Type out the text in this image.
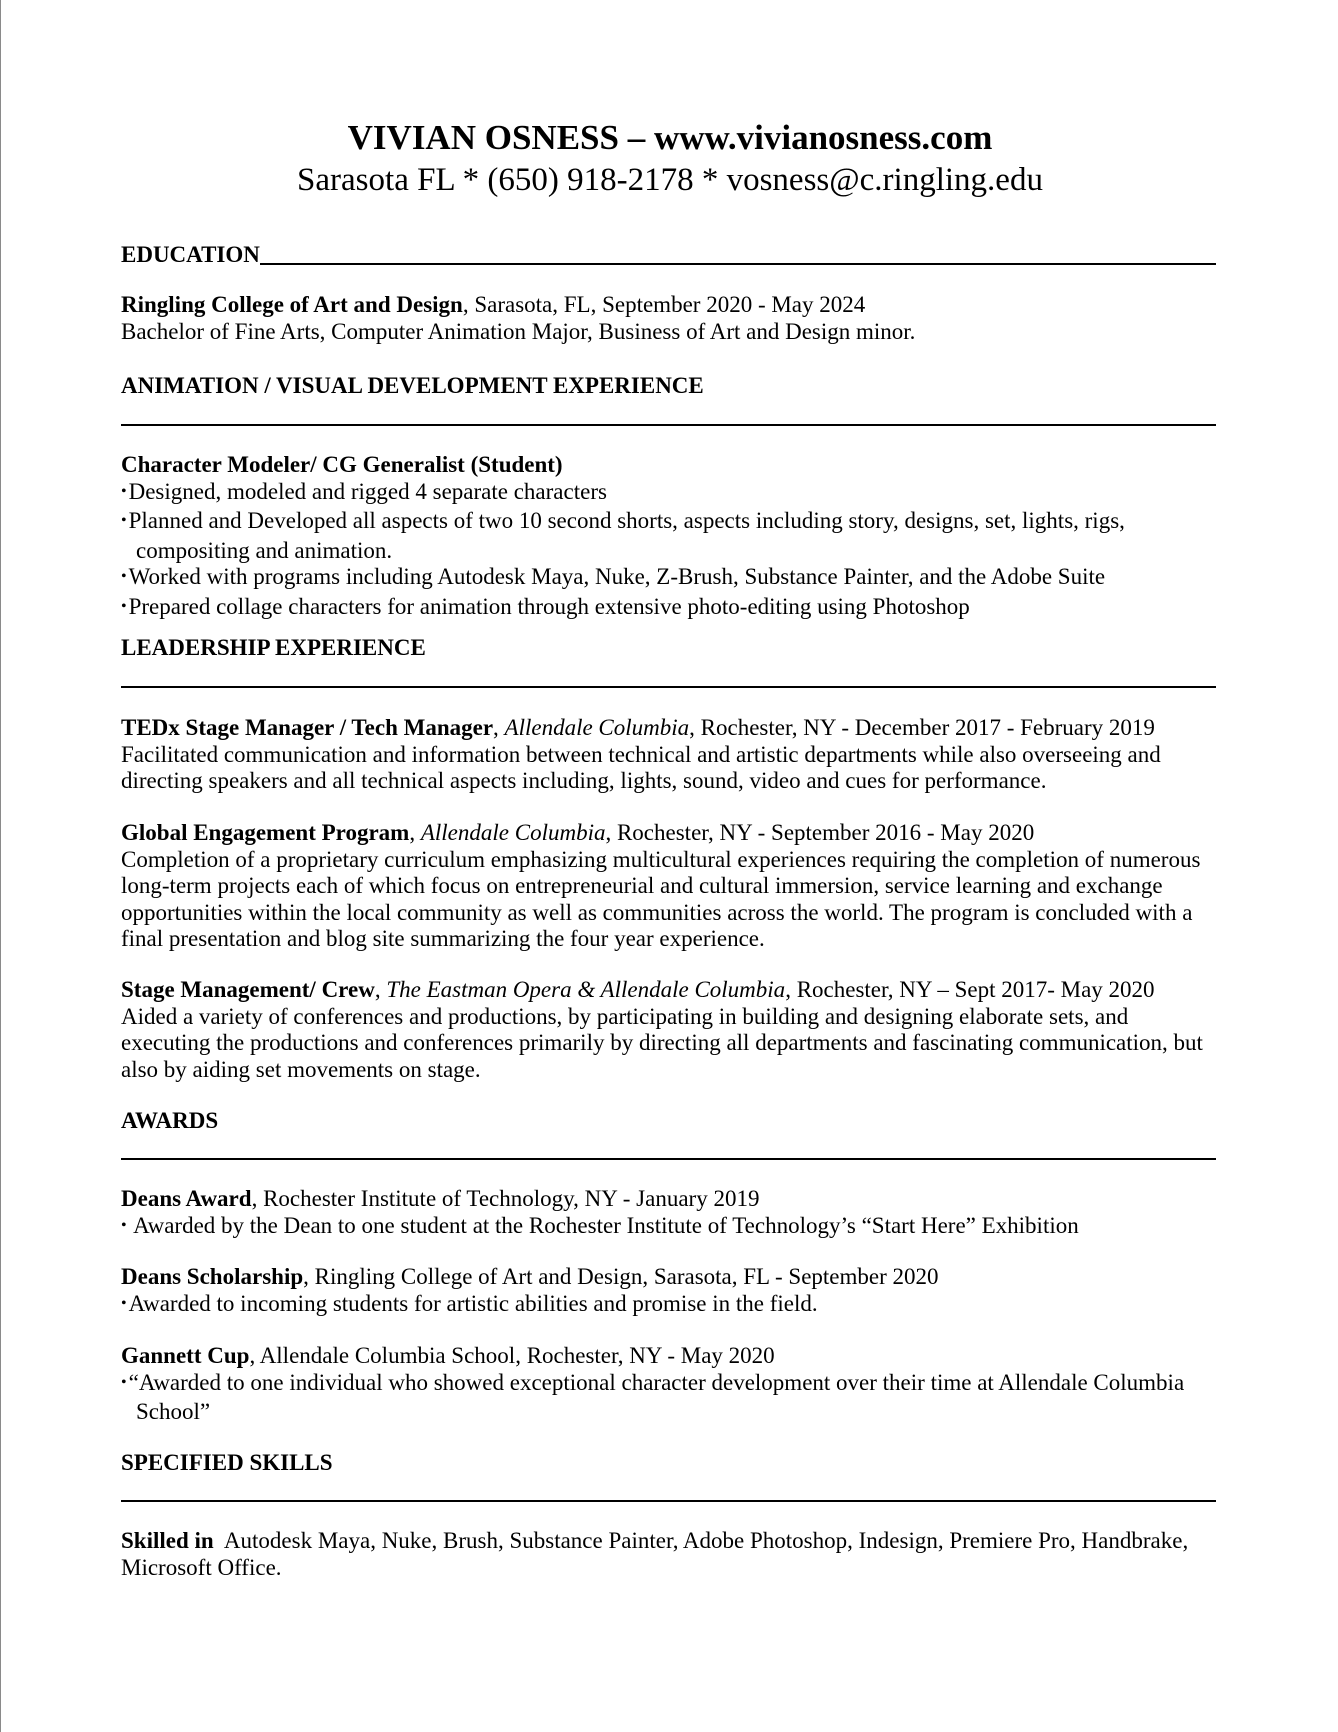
VIVIAN OSNESS – www.vivianosness.com
Sarasota FL * (650) 918-2178 * vosness@c.ringling.edu
EDUCATION
Ringling College of Art and Design, Sarasota, FL, September 2020 - May 2024
Bachelor of Fine Arts, Computer Animation Major, Business of Art and Design minor.
ANIMATION / VISUAL DEVELOPMENT EXPERIENCE
Character Modeler/ CG Generalist (Student)
•Designed, modeled and rigged 4 separate characters
•Planned and Developed all aspects of two 10 second shorts, aspects including story, designs, set, lights, rigs, compositing and animation.
•Worked with programs including Autodesk Maya, Nuke, Z-Brush, Substance Painter, and the Adobe Suite
•Prepared collage characters for animation through extensive photo-editing using Photoshop
LEADERSHIP EXPERIENCE
TEDx Stage Manager / Tech Manager, Allendale Columbia, Rochester, NY - December 2017 - February 2019
Facilitated communication and information between technical and artistic departments while also overseeing and directing speakers and all technical aspects including, lights, sound, video and cues for performance.
Global Engagement Program, Allendale Columbia, Rochester, NY - September 2016 - May 2020
Completion of a proprietary curriculum emphasizing multicultural experiences requiring the completion of numerous long-term projects each of which focus on entrepreneurial and cultural immersion, service learning and exchange opportunities within the local community as well as communities across the world. The program is concluded with a final presentation and blog site summarizing the four year experience.
Stage Management/ Crew, The Eastman Opera & Allendale Columbia, Rochester, NY – Sept 2017- May 2020
Aided a variety of conferences and productions, by participating in building and designing elaborate sets, and executing the productions and conferences primarily by directing all departments and fascinating communication, but also by aiding set movements on stage.
AWARDS
Deans Award, Rochester Institute of Technology, NY - January 2019
• Awarded by the Dean to one student at the Rochester Institute of Technology’s “Start Here” Exhibition
Deans Scholarship, Ringling College of Art and Design, Sarasota, FL - September 2020
•Awarded to incoming students for artistic abilities and promise in the field.
Gannett Cup, Allendale Columbia School, Rochester, NY - May 2020
•“Awarded to one individual who showed exceptional character development over their time at Allendale Columbia School”
SPECIFIED SKILLS
Skilled in  Autodesk Maya, Nuke, Brush, Substance Painter, Adobe Photoshop, Indesign, Premiere Pro, Handbrake, Microsoft Office.
